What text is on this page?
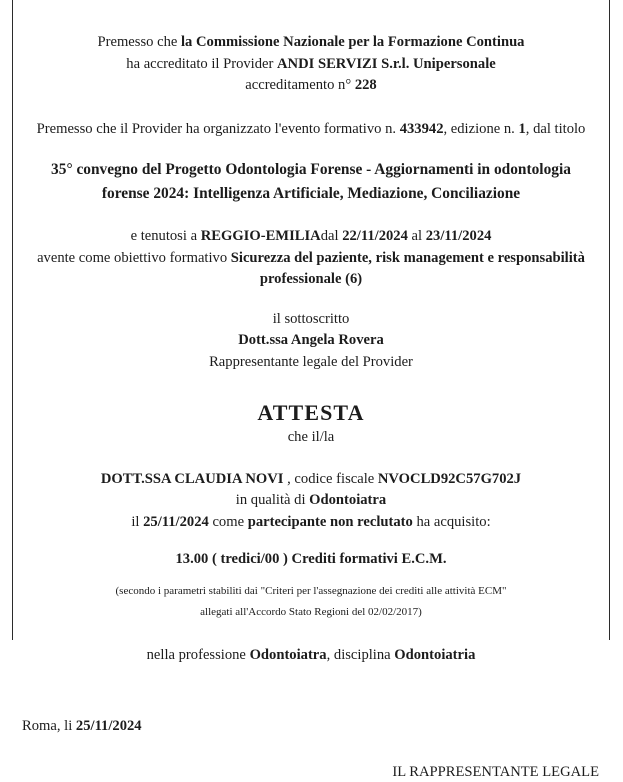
Premesso che la Commissione Nazionale per la Formazione Continua
ha accreditato il Provider ANDI SERVIZI S.r.l. Unipersonale
accreditamento n° 228
Premesso che il Provider ha organizzato l'evento formativo n. 433942, edizione n. 1, dal titolo
35° convegno del Progetto Odontologia Forense - Aggiornamenti in odontologia
forense 2024: Intelligenza Artificiale, Mediazione, Conciliazione
e tenutosi a REGGIO-EMILIAdal 22/11/2024 al 23/11/2024
avente come obiettivo formativo Sicurezza del paziente, risk management e responsabilità
professionale (6)
il sottoscritto
Dott.ssa Angela Rovera
Rappresentante legale del Provider
ATTESTA
che il/la
DOTT.SSA CLAUDIA NOVI , codice fiscale NVOCLD92C57G702J
in qualità di Odontoiatra
il 25/11/2024 come partecipante non reclutato ha acquisito:
13.00 ( tredici/00 ) Crediti formativi E.C.M.
(secondo i parametri stabiliti dai "Criteri per l'assegnazione dei crediti alle attività ECM"
allegati all'Accordo Stato Regioni del 02/02/2017)
nella professione Odontoiatra, disciplina Odontoiatria
Roma, li 25/11/2024
IL RAPPRESENTANTE LEGALE
